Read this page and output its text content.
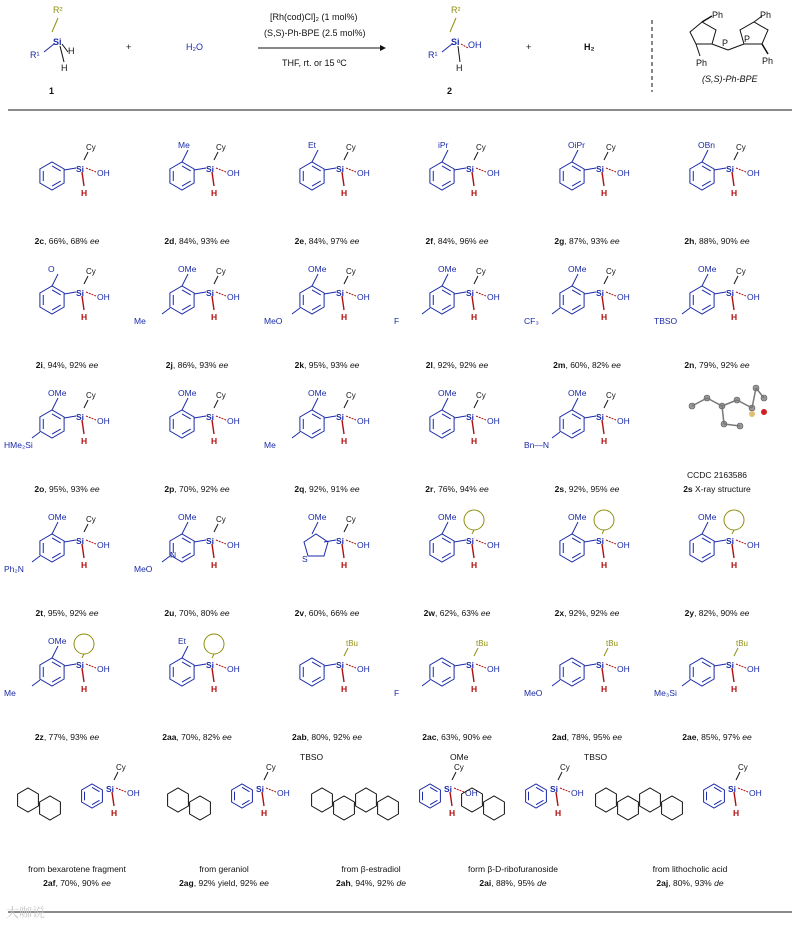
R²
R¹
Si
H
H
1
+	H₂O
[Rh(cod)Cl]₂ (1 mol%)
(S,S)-Ph-BPE (2.5 mol%)
THF, rt. or 15 ºC
R²
R¹
Si OH
H
2
+	H₂
Ph	Ph
P P
Ph	Ph
(S,S)-Ph-BPE
Cy
Si OH
H
2c, 66%, 68% ee
Me	Cy
Si OH
H
2d, 84%, 93% ee
Et	Cy
Si OH
H
2e, 84%, 97% ee
iPr	Cy
Si OH
H
2f, 84%, 96% ee
OiPr	Cy
Si OH
H
2g, 87%, 93% ee
OBn	Cy
Si OH
H
2h, 88%, 90% ee
O	Cy
Si OH
H
2i, 94%, 92% ee
OMe
Me
Cy
Si OH
H
2j, 86%, 93% ee
OMe
MeO
Cy
Si OH
H
2k, 95%, 93% ee
OMe
F
Cy
Si OH
H
2l, 92%, 92% ee
OMe
CF₃
Cy
Si OH
H
2m, 60%, 82% ee
OMe
TBSO
Cy
Si OH
H
2n, 79%, 92% ee
OMe
HMe₂Si
Cy
Si OH
H
2o, 95%, 93% ee
OMe Cy
Si OH
H
2p, 70%, 92% ee
OMe
Me
Cy
Si OH
H
2q, 92%, 91% ee
OMe Cy
Si OH
H
2r, 76%, 94% ee
OMe
Bn—N
Cy
Si OH
H
2s, 92%, 95% ee
CCDC 2163586
2s X-ray structure
OMe
Ph₂N
Cy
Si OH
H
2t, 95%, 92% ee
OMe
MeO
N
Cy
Si OH
H
2u, 70%, 80% ee
S
OMe Cy
Si OH
H
2v, 60%, 66% ee
OMe
Si OH
H
2w, 62%, 63% ee
OMe
Si OH
H
2x, 92%, 92% ee
OMe
Si OH
H
2y, 82%, 90% ee
OMe
Me
Si OH
H
2z, 77%, 93% ee
Et
Si OH
H
2aa, 70%, 82% ee
tBu
Si OH
H
2ab, 80%, 92% ee
F
tBu
Si OH
H
2ac, 63%, 90% ee
MeO
tBu
Si OH
H
2ad, 78%, 95% ee
Me₃Si
tBu
Si OH
H
2ae, 85%, 97% ee
Cy
Si OH
H
from bexarotene fragment
2af, 70%, 90% ee
Cy
Si OH
H
from geraniol
2ag, 92% yield, 92% ee
Cy
Si OH
H
TBSO
from β-estradiol
2ah, 94%, 92% de
Cy
Si OH
H
OMe
form β-D-ribofuranoside
2ai, 88%, 95% de
Cy
Si OH
H
TBSO
from lithocholic acid
2aj, 80%, 93% de
大咖说
